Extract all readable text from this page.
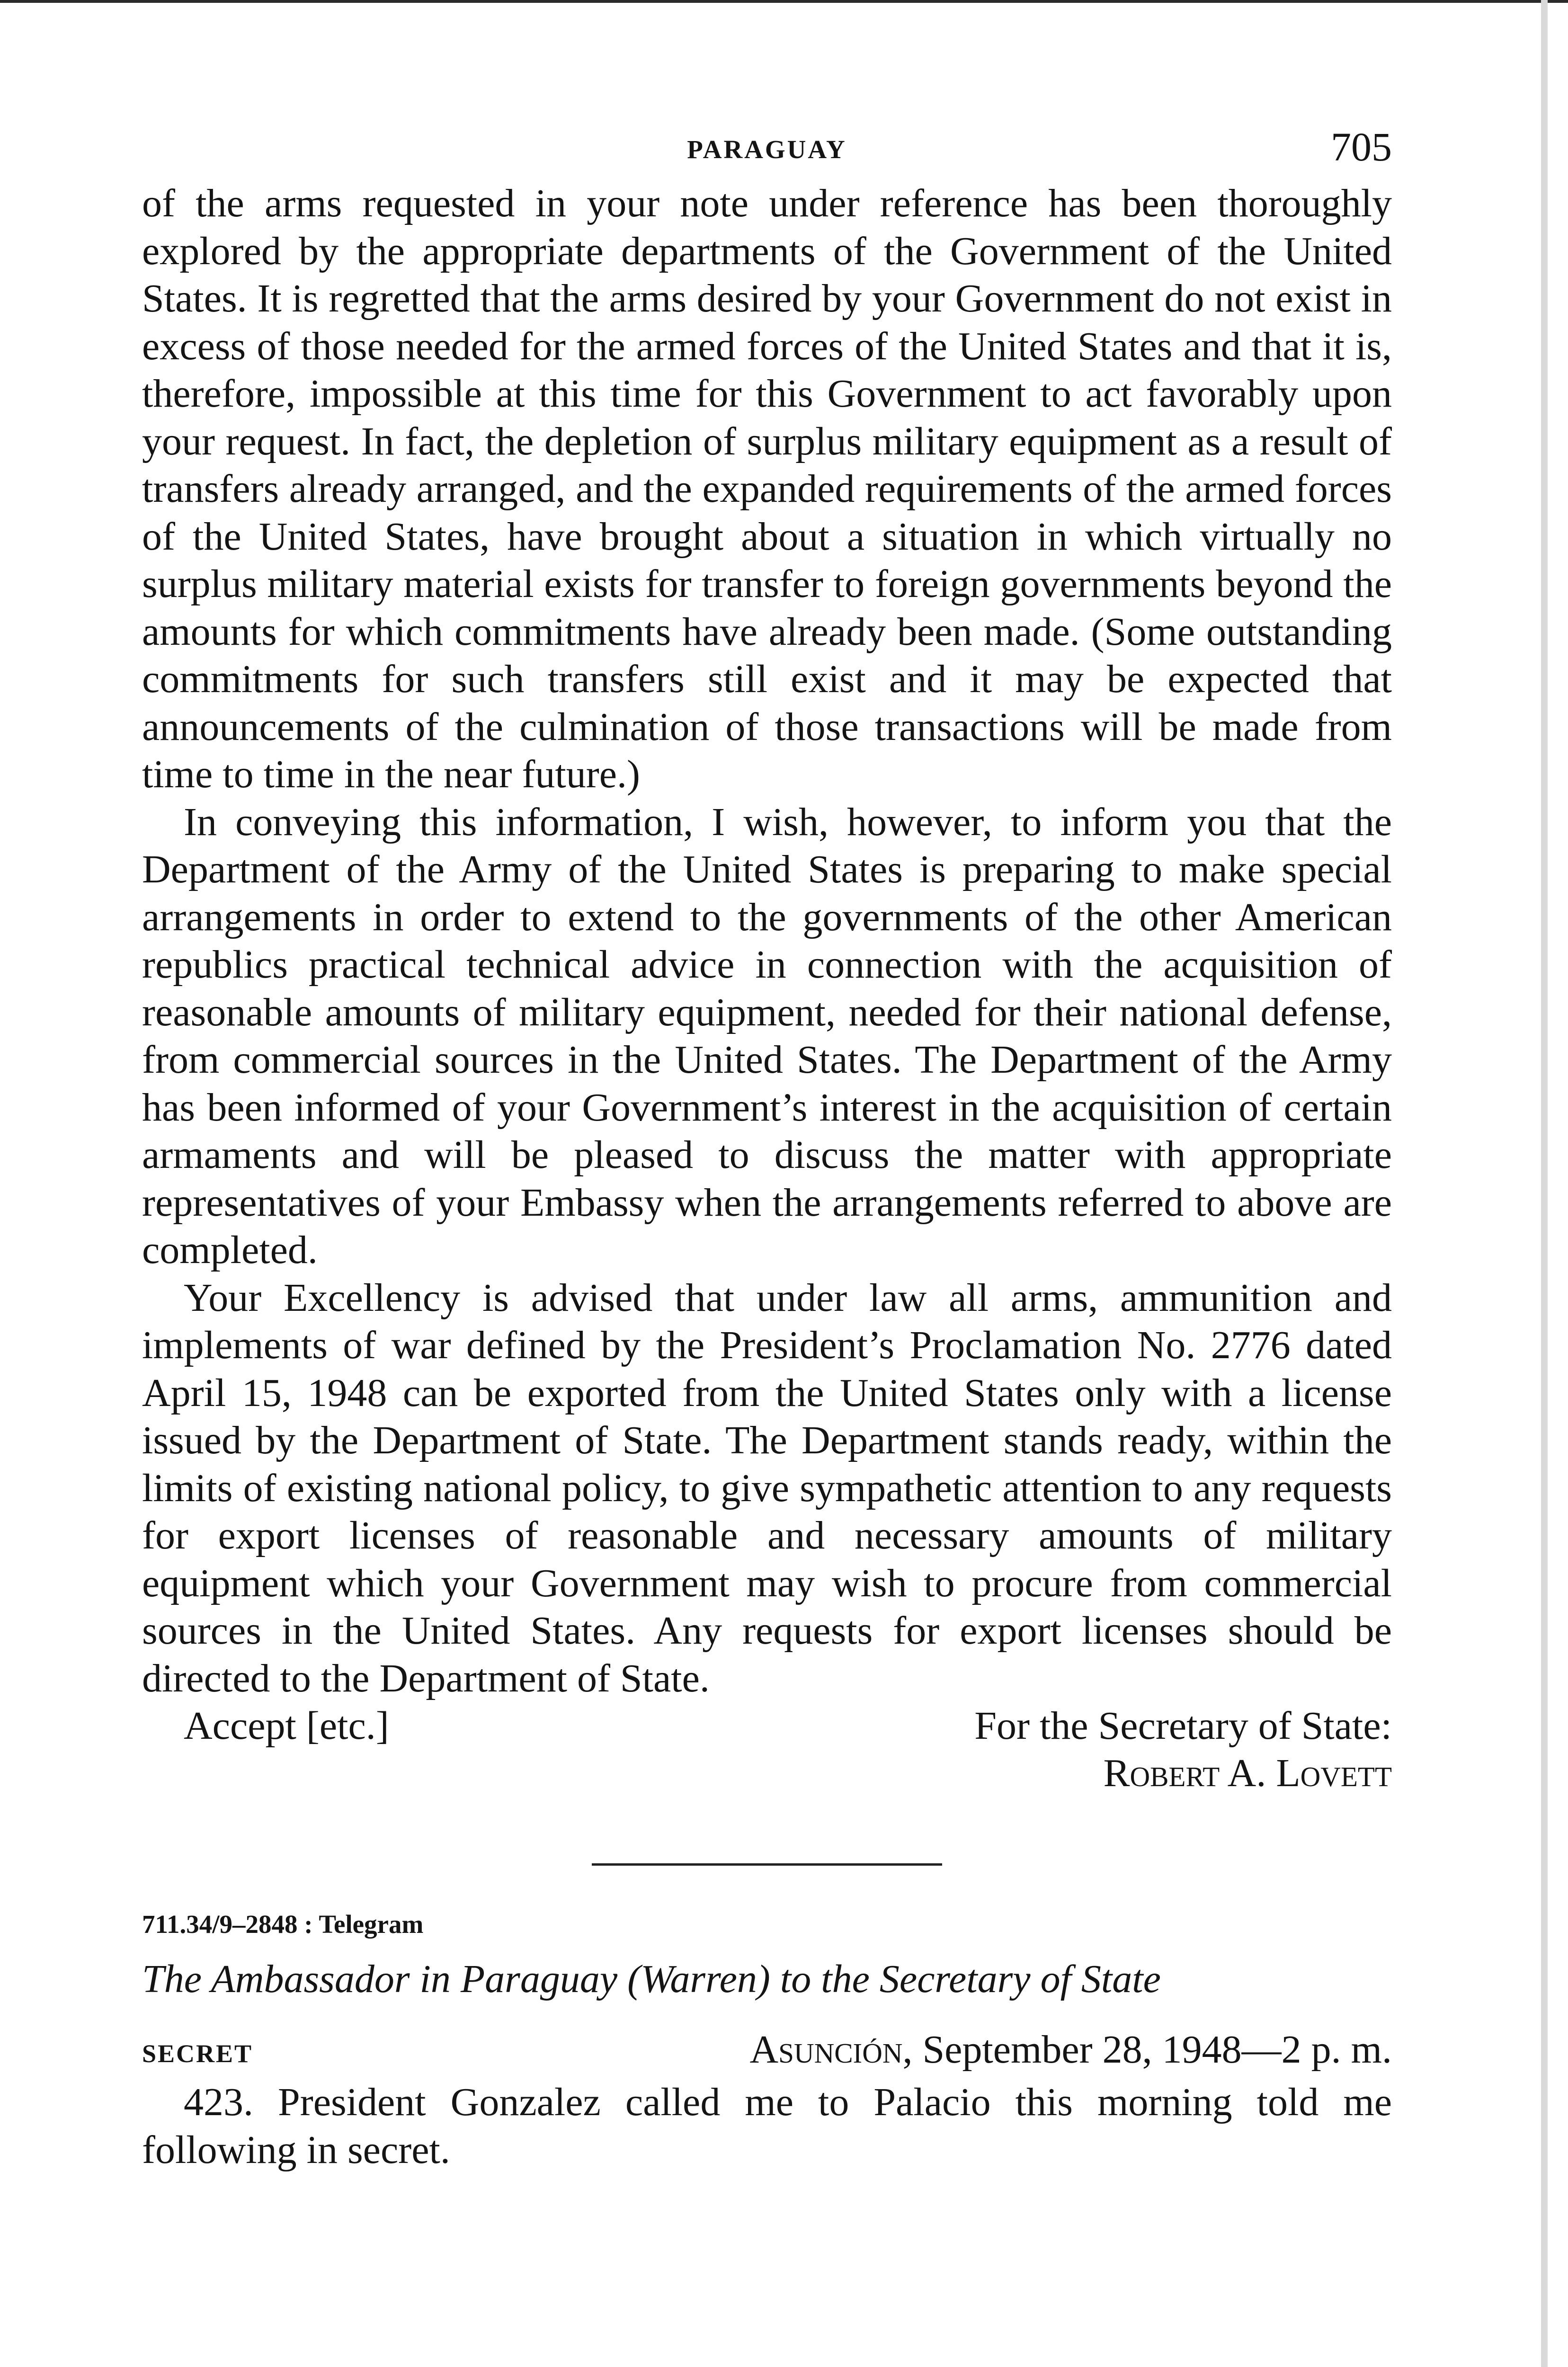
PARAGUAY	705

of the arms requested in your note under reference has been thoroughly explored by the appropriate departments of the Government of the United States. It is regretted that the arms desired by your Government do not exist in excess of those needed for the armed forces of the United States and that it is, therefore, impossible at this time for this Government to act favorably upon your request. In fact, the depletion of surplus military equipment as a result of transfers already arranged, and the expanded requirements of the armed forces of the United States, have brought about a situation in which virtually no surplus military material exists for transfer to foreign governments beyond the amounts for which commitments have already been made. (Some outstanding commitments for such transfers still exist and it may be expected that announcements of the culmination of those transactions will be made from time to time in the near future.)

In conveying this information, I wish, however, to inform you that the Department of the Army of the United States is preparing to make special arrangements in order to extend to the governments of the other American republics practical technical advice in connection with the acquisition of reasonable amounts of military equipment, needed for their national defense, from commercial sources in the United States. The Department of the Army has been informed of your Government’s interest in the acquisition of certain armaments and will be pleased to discuss the matter with appropriate representatives of your Embassy when the arrangements referred to above are completed.

Your Excellency is advised that under law all arms, ammunition and implements of war defined by the President’s Proclamation No. 2776 dated April 15, 1948 can be exported from the United States only with a license issued by the Department of State. The Department stands ready, within the limits of existing national policy, to give sympathetic attention to any requests for export licenses of reasonable and necessary amounts of military equipment which your Government may wish to procure from commercial sources in the United States. Any requests for export licenses should be directed to the Department of State.

Accept [etc.]	For the Secretary of State:
Robert A. Lovett
711.34/9–2848 : Telegram

The Ambassador in Paraguay (Warren) to the Secretary of State

SECRET	Asunción, September 28, 1948—2 p. m.

423. President Gonzalez called me to Palacio this morning told me following in secret.
